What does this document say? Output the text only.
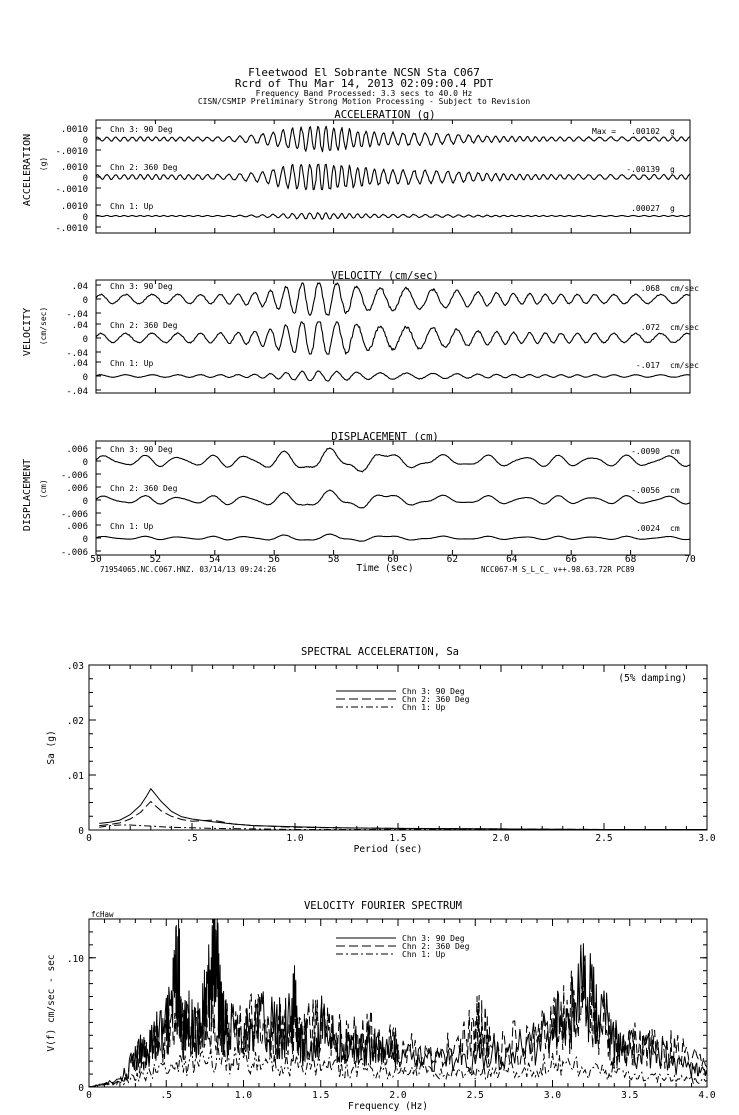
Fleetwood El Sobrante NCSN Sta C067
Rcrd of Thu Mar 14, 2013 02:09:00.4 PDT
Frequency Band Processed: 3.3 secs to 40.0 Hz
CISN/CSMIP Preliminary Strong Motion Processing - Subject to Revision
ACCELERATION (g)
ACCELERATION (g)
.0010
0
-.0010
Chn 3: 90 Deg	Max = .00102 g
.0010
0
-.0010
Chn 2: 360 Deg	-.00139 g
.0010
0
-.0010
Chn 1: Up	.00027 g
VELOCITY (cm/sec)
VELOCITY (cm/sec)
.04
0
-.04
Chn 3: 90 Deg	.068 cm/sec
.04
0
-.04
Chn 2: 360 Deg	.072 cm/sec
.04
0
-.04
Chn 1: Up	-.017 cm/sec
DISPLACEMENT (cm)
DISPLACEMENT (cm)
.006
0
-.006
Chn 3: 90 Deg	-.0090 cm
.006
0
-.006
Chn 2: 360 Deg	-.0056 cm
.006
0
-.006
Chn 1: Up	.0024 cm
50	52	54	56	58	60	62	64	66	68	70
Time (sec)
71954065.NC.C067.HNZ. 03/14/13 09:24:26	NCC067-M S_L_C_ v++.98.63.72R PC89
SPECTRAL ACCELERATION, Sa
0	.5	1.0	1.5	2.0	2.5	3.0
Period (sec)
0
.01
.02
.03
Sa (g)
(5% damping)
Chn 3: 90 Deg
Chn 2: 360 Deg
Chn 1: Up
VELOCITY FOURIER SPECTRUM
0	.5	1.0	1.5	2.0	2.5	3.0	3.5	4.0
Frequency (Hz)
0
.10
V(f) cm/sec - sec
fcHaw
Chn 3: 90 Deg
Chn 2: 360 Deg
Chn 1: Up
